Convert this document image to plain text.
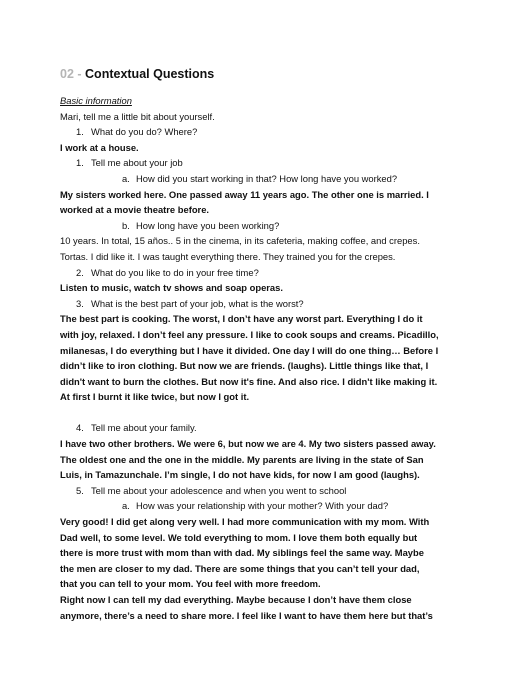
02 - Contextual Questions
Basic information
Mari, tell me a little bit about yourself.
1. What do you do? Where?
I work at a house.
1. Tell me about your job
a. How did you start working in that? How long have you worked?
My sisters worked here. One passed away 11 years ago. The other one is married. I
worked at a movie theatre before.
b. How long have you been working?
10 years. In total, 15 años.. 5 in the cinema, in its cafeteria, making coffee, and crepes.
Tortas. I did like it. I was taught everything there. They trained you for the crepes.
2. What do you like to do in your free time?
Listen to music, watch tv shows and soap operas.
3. What is the best part of your job, what is the worst?
The best part is cooking. The worst, I don’t have any worst part. Everything I do it
with joy, relaxed. I don’t feel any pressure. I like to cook soups and creams. Picadillo,
milanesas, I do everything but I have it divided. One day I will do one thing… Before I
didn’t like to iron clothing. But now we are friends. (laughs). Little things like that, I
didn't want to burn the clothes. But now it's fine. And also rice. I didn't like making it.
At first I burnt it like twice, but now I got it.
4. Tell me about your family.
I have two other brothers. We were 6, but now we are 4. My two sisters passed away.
The oldest one and the one in the middle. My parents are living in the state of San
Luis, in Tamazunchale. I’m single, I do not have kids, for now I am good (laughs).
5. Tell me about your adolescence and when you went to school
a. How was your relationship with your mother? With your dad?
Very good! I did get along very well. I had more communication with my mom. With
Dad well, to some level. We told everything to mom. I love them both equally but
there is more trust with mom than with dad. My siblings feel the same way. Maybe
the men are closer to my dad. There are some things that you can’t tell your dad,
that you can tell to your mom. You feel with more freedom.
Right now I can tell my dad everything. Maybe because I don’t have them close
anymore, there’s a need to share more. I feel like I want to have them here but that’s
